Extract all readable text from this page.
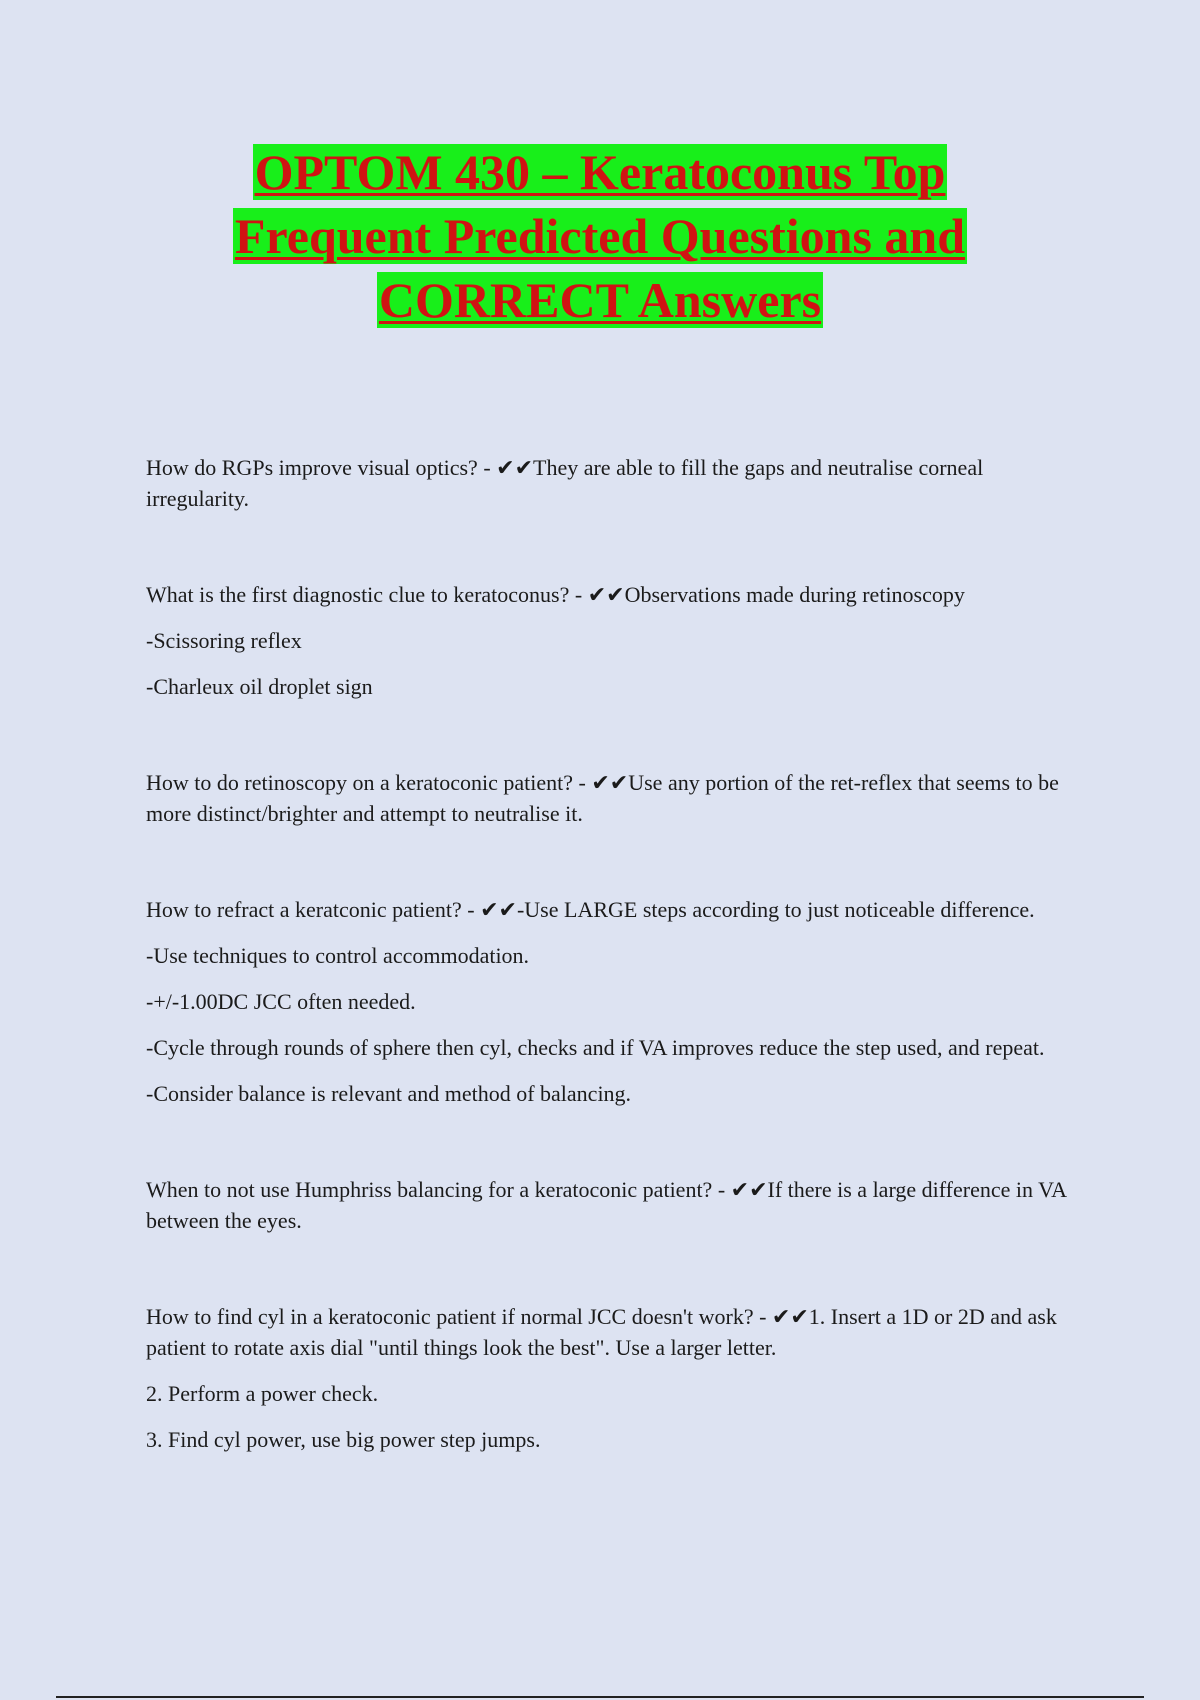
OPTOM 430 – Keratoconus Top
Frequent Predicted Questions and
CORRECT Answers

How do RGPs improve visual optics? - ✔✔They are able to fill the gaps and neutralise corneal irregularity.

What is the first diagnostic clue to keratoconus? - ✔✔Observations made during retinoscopy

-Scissoring reflex

-Charleux oil droplet sign

How to do retinoscopy on a keratoconic patient? - ✔✔Use any portion of the ret-reflex that seems to be more distinct/brighter and attempt to neutralise it.

How to refract a keratconic patient? - ✔✔-Use LARGE steps according to just noticeable difference.

-Use techniques to control accommodation.

-+/-1.00DC JCC often needed.

-Cycle through rounds of sphere then cyl, checks and if VA improves reduce the step used, and repeat.

-Consider balance is relevant and method of balancing.

When to not use Humphriss balancing for a keratoconic patient? - ✔✔If there is a large difference in VA between the eyes.

How to find cyl in a keratoconic patient if normal JCC doesn't work? - ✔✔1. Insert a 1D or 2D and ask patient to rotate axis dial "until things look the best". Use a larger letter.

2. Perform a power check.

3. Find cyl power, use big power step jumps.
